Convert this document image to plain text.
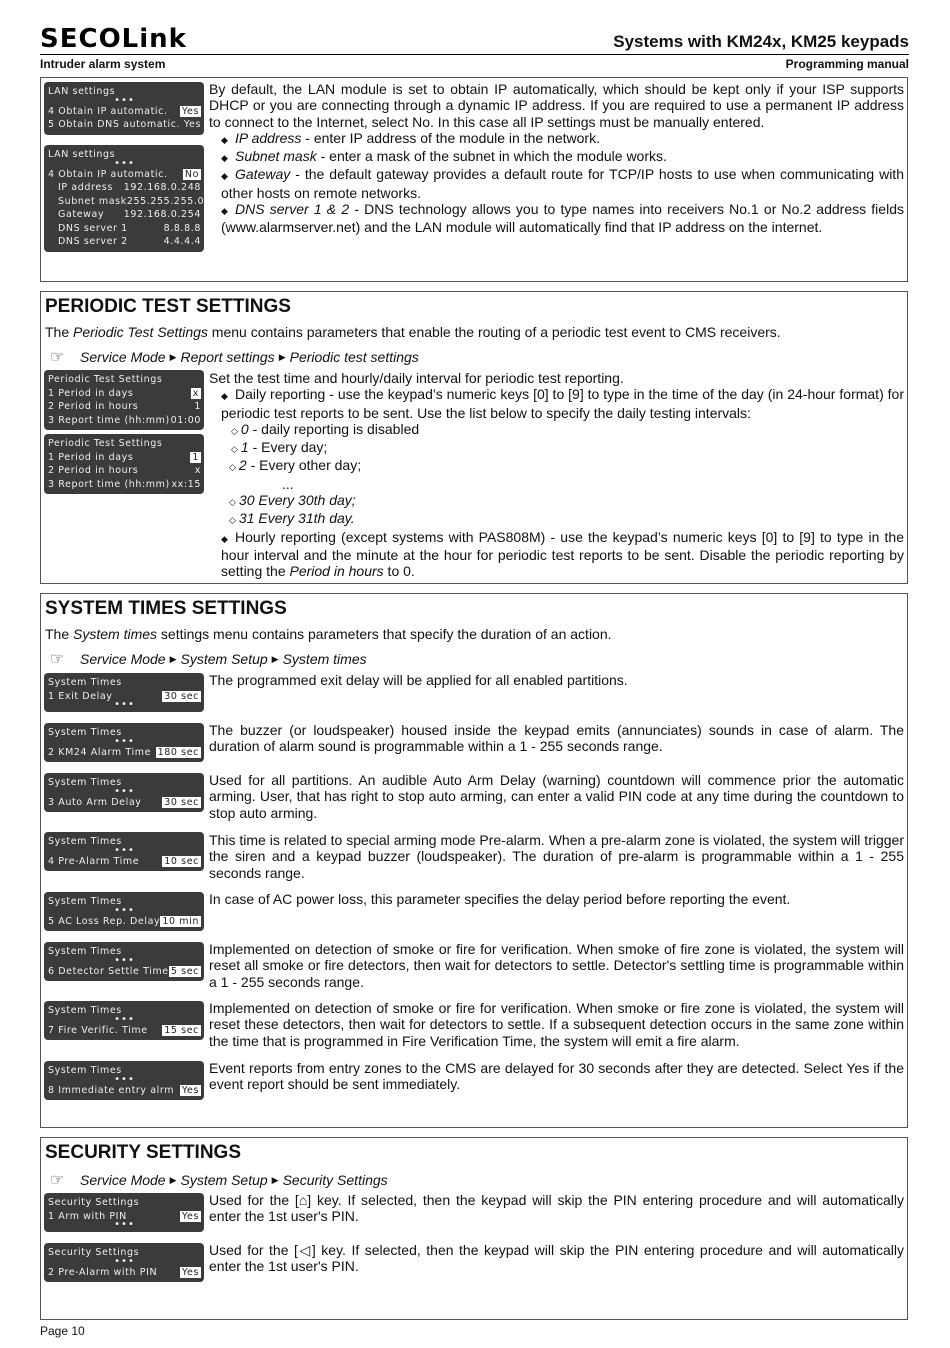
SECOLink	Systems with KM24x, KM25 keypads
Intruder alarm system	Programming manual
LAN settings
•••
4 Obtain IP automatic. Yes
5 Obtain DNS automatic. Yes
LAN settings
•••
4 Obtain IP automatic. No
IP address 192.168.0.248
Subnet mask 255.255.255.0
Gateway 192.168.0.254
DNS server 1	8.8.8.8
DNS server 2	4.4.4.4

By default, the LAN module is set to obtain IP automatically, which should be kept only if your ISP supports DHCP or you are connecting through a dynamic IP address. If you are required to use a permanent IP address to connect to the Internet, select No. In this case all IP settings must be manually entered.

◆ IP address - enter IP address of the module in the network.

◆ Subnet mask - enter a mask of the subnet in which the module works.

◆ Gateway - the default gateway provides a default route for TCP/IP hosts to use when communicating with other hosts on remote networks.

◆ DNS server 1 & 2 - DNS technology allows you to type names into receivers No.1 or No.2 address fields (www.alarmserver.net) and the LAN module will automatically find that IP address on the internet.

PERIODIC TEST SETTINGS
The Periodic Test Settings menu contains parameters that enable the routing of a periodic test event to CMS receivers.
☞	Service Mode ▶ Report settings ▶ Periodic test settings
Periodic Test Settings
1 Period in days	x
2 Period in hours	1
3 Report time (hh:mm) 01:00
Periodic Test Settings
1 Period in days	1
2 Period in hours	x
3 Report time (hh:mm) xx:15

Set the test time and hourly/daily interval for periodic test reporting.

◆ Daily reporting - use the keypad’s numeric keys [0] to [9] to type in the time of the day (in 24-hour format) for periodic test reports to be sent. Use the list below to specify the daily testing intervals:

◇ 0 - daily reporting is disabled

◇ 1 - Every day;

◇ 2 - Every other day;

...

◇ 30 Every 30th day;

◇ 31 Every 31th day.

◆ Hourly reporting (except systems with PAS808M) - use the keypad’s numeric keys [0] to [9] to type in the hour interval and the minute at the hour for periodic test reports to be sent. Disable the periodic reporting by setting the Period in hours to 0.

SYSTEM TIMES SETTINGS
The System times settings menu contains parameters that specify the duration of an action.
☞	Service Mode ▶ System Setup ▶ System times
System Times
1 Exit Delay	30 sec
•••
The programmed exit delay will be applied for all enabled partitions.
System Times
•••
2 KM24 Alarm Time 180 sec
The buzzer (or loudspeaker) housed inside the keypad emits (annunciates) sounds in case of alarm. The duration of alarm sound is programmable within a 1 - 255 seconds range.
System Times
•••
3 Auto Arm Delay 30 sec
Used for all partitions. An audible Auto Arm Delay (warning) countdown will commence prior the automatic arming. User, that has right to stop auto arming, can enter a valid PIN code at any time during the countdown to stop auto arming.
System Times
•••
4 Pre-Alarm Time	10 sec
This time is related to special arming mode Pre-alarm. When a pre-alarm zone is violated, the system will trigger the siren and a keypad buzzer (loudspeaker). The duration of pre-alarm is programmable within a 1 - 255 seconds range.
System Times
•••
5 AC Loss Rep. Delay 10 min
In case of AC power loss, this parameter specifies the delay period before reporting the event.
System Times
•••
6 Detector Settle Time 5 sec
Implemented on detection of smoke or fire for verification. When smoke of fire zone is violated, the system will reset all smoke or fire detectors, then wait for detectors to settle. Detector's settling time is programmable within a 1 - 255 seconds range.
System Times
•••
7 Fire Verific. Time 15 sec
Implemented on detection of smoke or fire for verification. When smoke or fire zone is violated, the system will reset these detectors, then wait for detectors to settle. If a subsequent detection occurs in the same zone within the time that is programmed in Fire Verification Time, the system will emit a fire alarm.
System Times
•••
8 Immediate entry alrm Yes
Event reports from entry zones to the CMS are delayed for 30 seconds after they are detected. Select Yes if the event report should be sent immediately.
SECURITY SETTINGS
☞	Service Mode ▶ System Setup ▶ Security Settings
Security Settings
1 Arm with PIN	Yes
•••
Used for the [⌂] key. If selected, then the keypad will skip the PIN entering procedure and will automatically enter the 1st user's PIN.
Security Settings
•••
2 Pre-Alarm with PIN	Yes
Used for the [◁] key. If selected, then the keypad will skip the PIN entering procedure and will automatically enter the 1st user's PIN.
Page 10
